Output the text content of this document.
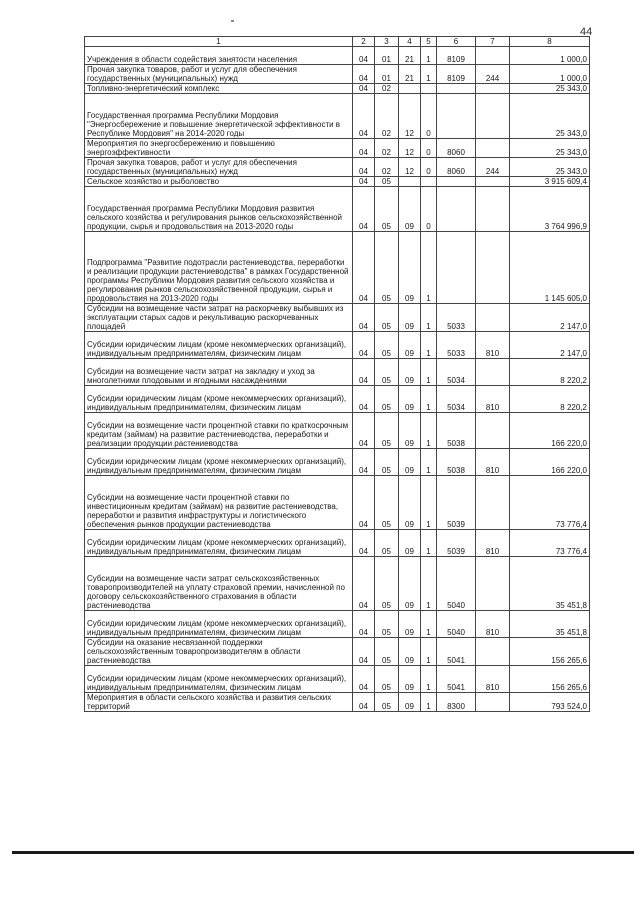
44
1	2	3	4	5	6	7	8
Учреждения в области содействия занятости населения	04	01	21	1	8109		1 000,0
Прочая закупка товаров, работ и услуг для обеспечения государственных (муниципальных) нужд	04	01	21	1	8109	244	1 000,0
Топливно-энергетический комплекс	04	02					25 343,0
Государственная программа Республики Мордовия "Энергосбережение и повышение энергетической эффективности в Республике Мордовия" на 2014-2020 годы	04	02	12	0			25 343,0
Мероприятия по энергосбережению и повышению энергоэффективности	04	02	12	0	8060		25 343,0
Прочая закупка товаров, работ и услуг для обеспечения государственных (муниципальных) нужд	04	02	12	0	8060	244	25 343,0
Сельское хозяйство и рыболовство	04	05					3 915 609,4
Государственная программа Республики Мордовия развития сельского хозяйства и регулирования рынков сельскохозяйственной продукции, сырья и продовольствия на 2013-2020 годы	04	05	09	0			3 764 996,9
Подпрограмма "Развитие подотрасли растениеводства, переработки и реализации продукции растениеводства" в рамках Государственной программы Республики Мордовия развития сельского хозяйства и регулирования рынков сельскохозяйственной продукции, сырья и продовольствия на 2013-2020 годы	04	05	09	1			1 145 605,0
Субсидии на возмещение части затрат на раскорчевку выбывших из эксплуатации старых садов и рекультивацию раскорчеванных площадей	04	05	09	1	5033		2 147,0
Субсидии юридическим лицам (кроме некоммерческих организаций), индивидуальным предпринимателям, физическим лицам	04	05	09	1	5033	810	2 147,0
Субсидии на возмещение части затрат на закладку и уход за многолетними плодовыми и ягодными насаждениями	04	05	09	1	5034		8 220,2
Субсидии юридическим лицам (кроме некоммерческих организаций), индивидуальным предпринимателям, физическим лицам	04	05	09	1	5034	810	8 220,2
Субсидии на возмещение части процентной ставки по краткосрочным кредитам (займам) на развитие растениеводства, переработки и реализации продукции растениеводства	04	05	09	1	5038		166 220,0
Субсидии юридическим лицам (кроме некоммерческих организаций), индивидуальным предпринимателям, физическим лицам	04	05	09	1	5038	810	166 220,0
Субсидии на возмещение части процентной ставки по инвестиционным кредитам (займам) на развитие растениеводства, переработки и развития инфраструктуры и логистического обеспечения рынков продукции растениеводства	04	05	09	1	5039		73 776,4
Субсидии юридическим лицам (кроме некоммерческих организаций), индивидуальным предпринимателям, физическим лицам	04	05	09	1	5039	810	73 776,4
Субсидии на возмещение части затрат сельскохозяйственных товаропроизводителей на уплату страховой премии, начисленной по договору сельскохозяйственного страхования в области растениеводства	04	05	09	1	5040		35 451,8
Субсидии юридическим лицам (кроме некоммерческих организаций), индивидуальным предпринимателям, физическим лицам	04	05	09	1	5040	810	35 451,8
Субсидии на оказание несвязанной поддержки сельскохозяйственным товаропроизводителям в области растениеводства	04	05	09	1	5041		156 265,6
Субсидии юридическим лицам (кроме некоммерческих организаций), индивидуальным предпринимателям, физическим лицам	04	05	09	1	5041	810	156 265,6
Мероприятия в области сельского хозяйства и развития сельских территорий	04	05	09	1	8300		793 524,0
